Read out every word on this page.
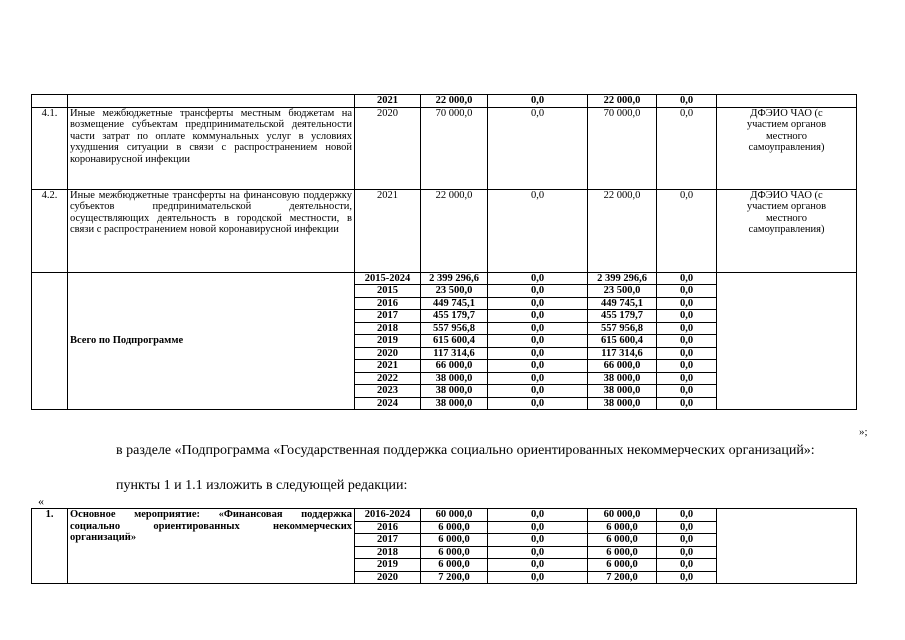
		2021	22 000,0	0,0	22 000,0	0,0	
4.1.	Иные межбюджетные трансферты местным бюджетам на возмещение субъектам предпринимательской деятельности части затрат по оплате коммунальных услуг в условиях ухудшения ситуации в связи с распространением новой коронавирусной инфекции	2020	70 000,0	0,0	70 000,0	0,0	ДФЭИО ЧАО (с участием органов местного самоуправления)
4.2.	Иные межбюджетные трансферты на финансовую поддержку субъектов предпринимательской деятельности, осуществляющих деятельность в городской местности, в связи с распространением новой коронавирусной инфекции	2021	22 000,0	0,0	22 000,0	0,0	ДФЭИО ЧАО (с участием органов местного самоуправления)
	Всего по Подпрограмме	2015-2024	2 399 296,6	0,0	2 399 296,6	0,0	
		2015	23 500,0	0,0	23 500,0	0,0	
		2016	449 745,1	0,0	449 745,1	0,0	
		2017	455 179,7	0,0	455 179,7	0,0	
		2018	557 956,8	0,0	557 956,8	0,0	
		2019	615 600,4	0,0	615 600,4	0,0	
		2020	117 314,6	0,0	117 314,6	0,0	
		2021	66 000,0	0,0	66 000,0	0,0	
		2022	38 000,0	0,0	38 000,0	0,0	
		2023	38 000,0	0,0	38 000,0	0,0	
		2024	38 000,0	0,0	38 000,0	0,0	
»;

в разделе «Подпрограмма «Государственная поддержка социально ориентированных некоммерческих организаций»:

пункты 1 и 1.1 изложить в следующей редакции:

«
1.	Основное мероприятие: «Финансовая поддержка социально ориентированных некоммерческих организаций»	2016-2024	60 000,0	0,0	60 000,0	0,0	
		2016	6 000,0	0,0	6 000,0	0,0	
		2017	6 000,0	0,0	6 000,0	0,0	
		2018	6 000,0	0,0	6 000,0	0,0	
		2019	6 000,0	0,0	6 000,0	0,0	
		2020	7 200,0	0,0	7 200,0	0,0	
